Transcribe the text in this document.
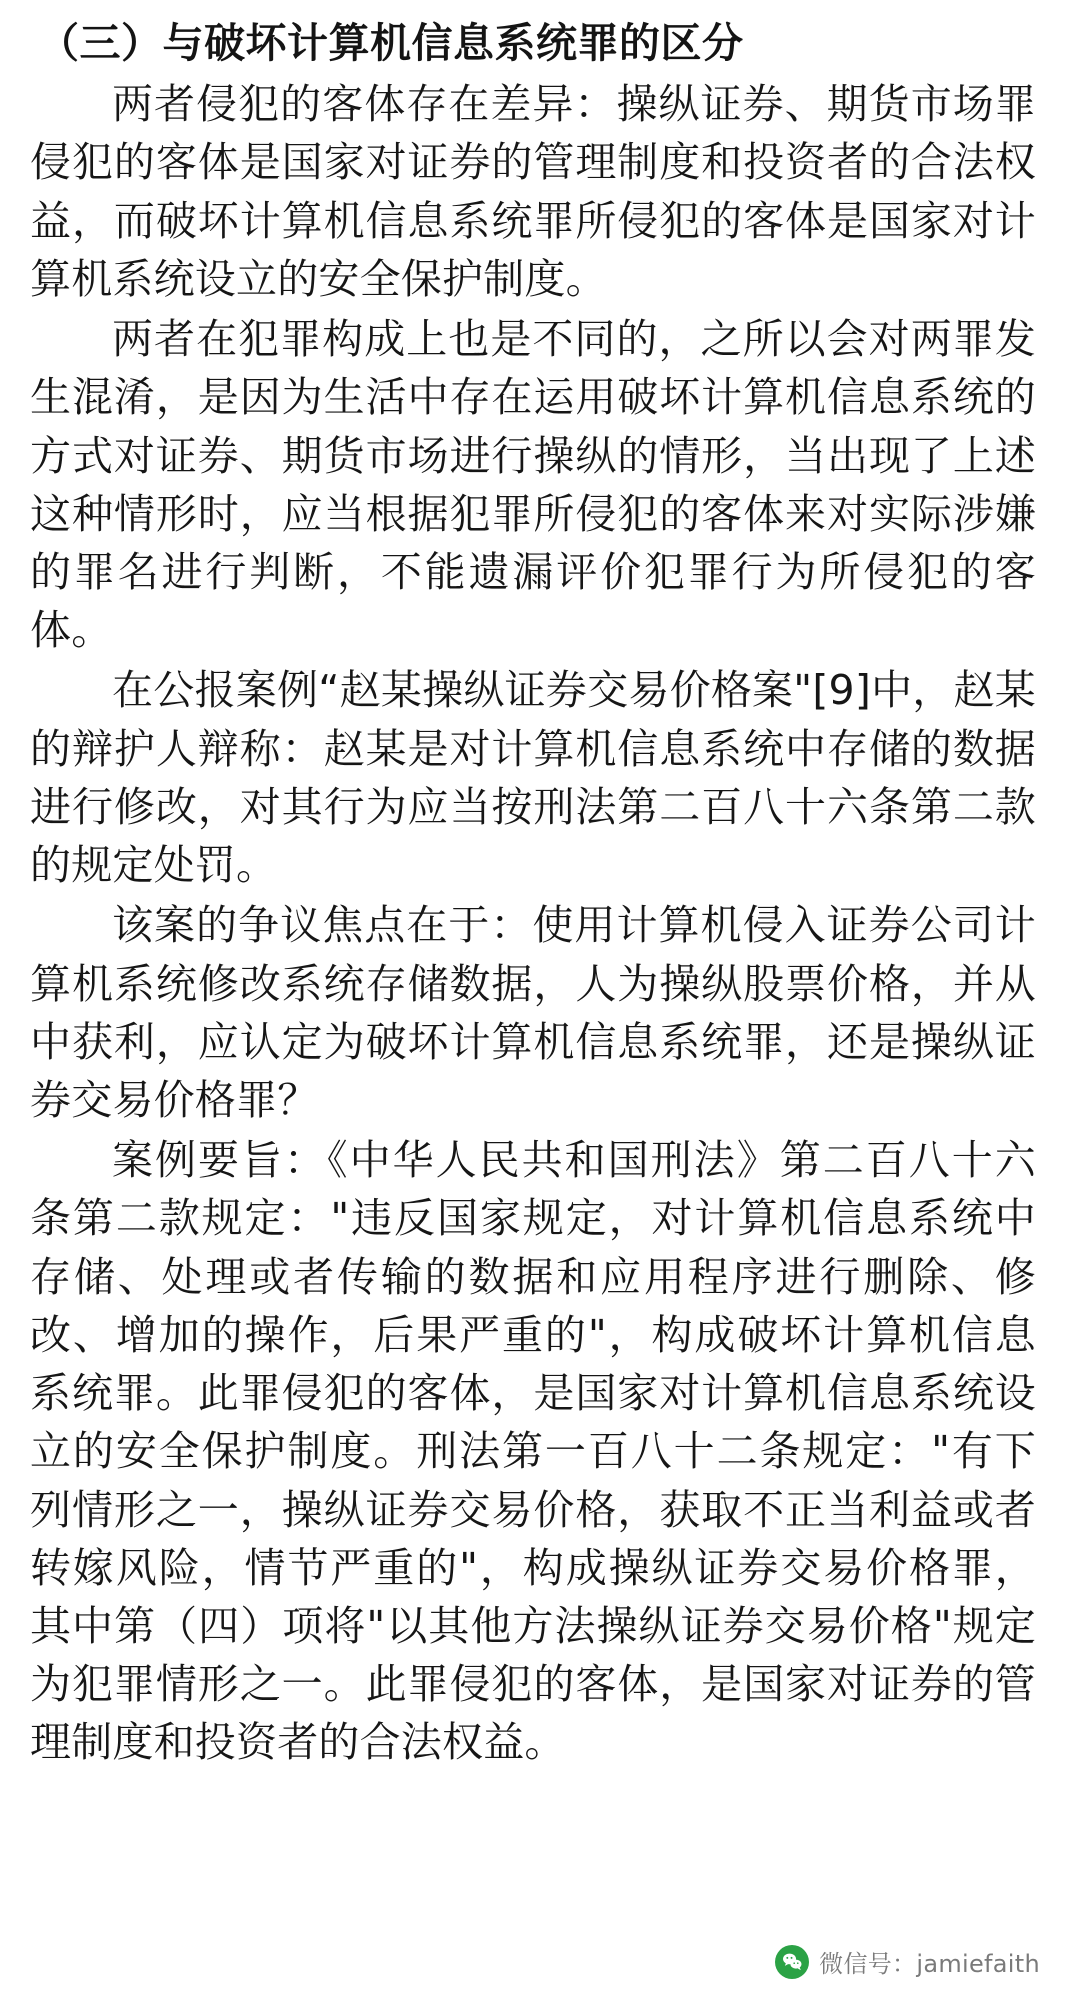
（三）与破坏计算机信息系统罪的区分

两者侵犯的客体存在差异：操纵证券、期货市场罪侵犯的客体是国家对证券的管理制度和投资者的合法权益，而破坏计算机信息系统罪所侵犯的客体是国家对计算机系统设立的安全保护制度。

两者在犯罪构成上也是不同的，之所以会对两罪发生混淆，是因为生活中存在运用破坏计算机信息系统的方式对证券、期货市场进行操纵的情形，当出现了上述这种情形时，应当根据犯罪所侵犯的客体来对实际涉嫌的罪名进行判断，不能遗漏评价犯罪行为所侵犯的客体。

在公报案例“赵某操纵证券交易价格案"[9]中，赵某的辩护人辩称：赵某是对计算机信息系统中存储的数据进行修改，对其行为应当按刑法第二百八十六条第二款的规定处罚。

该案的争议焦点在于：使用计算机侵入证券公司计算机系统修改系统存储数据，人为操纵股票价格，并从中获利，应认定为破坏计算机信息系统罪，还是操纵证券交易价格罪？

案例要旨：《中华人民共和国刑法》第二百八十六条第二款规定："违反国家规定，对计算机信息系统中存储、处理或者传输的数据和应用程序进行删除、修改、增加的操作，后果严重的"，构成破坏计算机信息系统罪。此罪侵犯的客体，是国家对计算机信息系统设立的安全保护制度。刑法第一百八十二条规定："有下列情形之一，操纵证券交易价格，获取不正当利益或者转嫁风险，情节严重的"，构成操纵证券交易价格罪，其中第（四）项将"以其他方法操纵证券交易价格"规定为犯罪情形之一。此罪侵犯的客体，是国家对证券的管理制度和投资者的合法权益。

微信号：jamiefaith
